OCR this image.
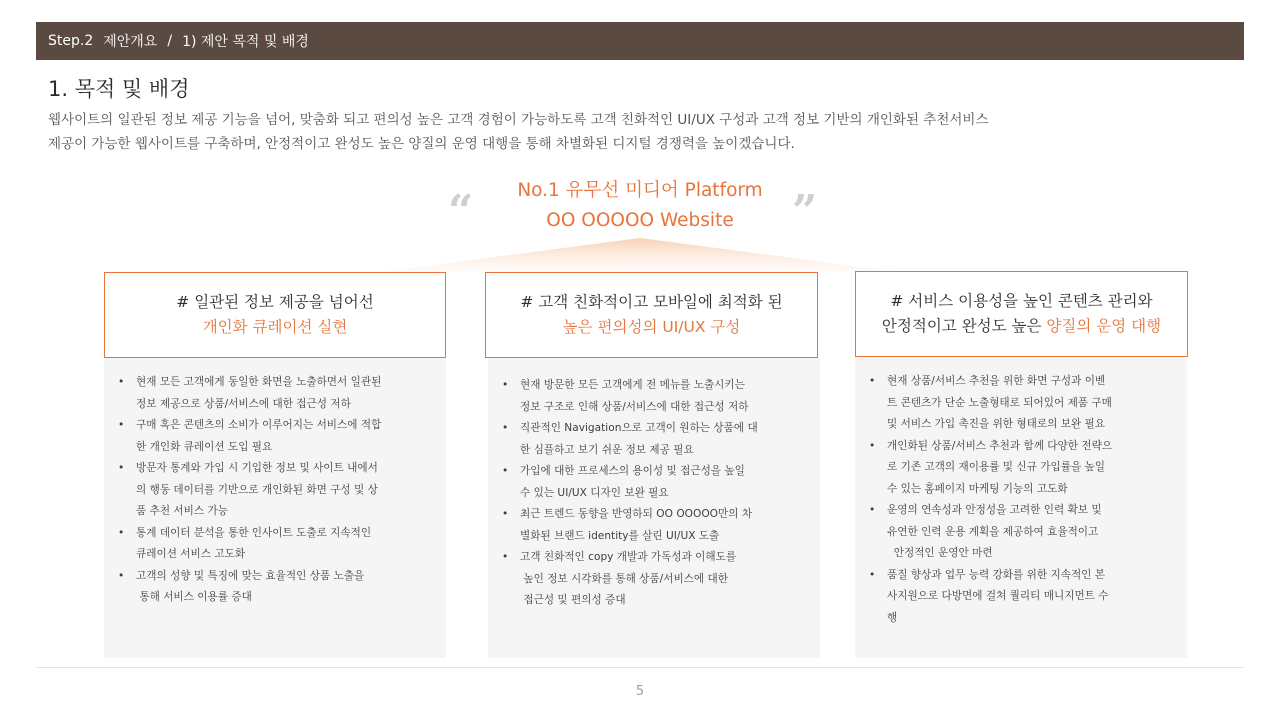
Step.2 제안개요 / 1) 제안 목적 및 배경
1. 목적 및 배경
웹사이트의 일관된 정보 제공 기능을 넘어, 맞춤화 되고 편의성 높은 고객 경험이 가능하도록 고객 친화적인 UI/UX 구성과 고객 정보 기반의 개인화된 추천서비스
제공이 가능한 웹사이트를 구축하며, 안정적이고 완성도 높은 양질의 운영 대행을 통해 차별화된 디지털 경쟁력을 높이겠습니다.
“	”
No.1 유무선 미디어 Platform
OO OOOOO Website
# 일관된 정보 제공을 넘어선
개인화 큐레이션 실현
• 현재 모든 고객에게 동일한 화면을 노출하면서 일관된
정보 제공으로 상품/서비스에 대한 접근성 저하
• 구매 혹은 콘텐츠의 소비가 이루어지는 서비스에 적합
한 개인화 큐레이션 도입 필요
• 방문자 통계와 가입 시 기입한 정보 및 사이트 내에서
의 행동 데이터를 기반으로 개인화된 화면 구성 및 상
품 추천 서비스 가능
• 통계 데이터 분석을 통한 인사이트 도출로 지속적인
큐레이션 서비스 고도화
• 고객의 성향 및 특징에 맞는 효율적인 상품 노출을
통해 서비스 이용률 증대
# 고객 친화적이고 모바일에 최적화 된
높은 편의성의 UI/UX 구성
• 현재 방문한 모든 고객에게 전 메뉴를 노출시키는
정보 구조로 인해 상품/서비스에 대한 접근성 저하
• 직관적인 Navigation으로 고객이 원하는 상품에 대
한 심플하고 보기 쉬운 정보 제공 필요
• 가입에 대한 프로세스의 용이성 및 접근성을 높일
수 있는 UI/UX 디자인 보완 필요
• 최근 트렌드 동향을 반영하되 OO OOOOO만의 차
별화된 브랜드 identity를 살린 UI/UX 도출
• 고객 친화적인 copy 개발과 가독성과 이해도를
높인 정보 시각화를 통해 상품/서비스에 대한
접근성 및 편의성 증대
# 서비스 이용성을 높인 콘텐츠 관리와
안정적이고 완성도 높은 양질의 운영 대행
• 현재 상품/서비스 추천을 위한 화면 구성과 이벤
트 콘텐츠가 단순 노출형태로 되어있어 제품 구매
및 서비스 가입 촉진을 위한 형태로의 보완 필요
• 개인화된 상품/서비스 추천과 함께 다양한 전략으
로 기존 고객의 재이용률 및 신규 가입률을 높일
수 있는 홈페이지 마케팅 기능의 고도화
• 운영의 연속성과 안정성을 고려한 인력 확보 및
유연한 인력 운용 계획을 제공하여 효율적이고
안정적인 운영안 마련
• 품질 향상과 업무 능력 강화를 위한 지속적인 본
사지원으로 다방면에 걸쳐 퀄리티 매니지먼트 수
행
5
